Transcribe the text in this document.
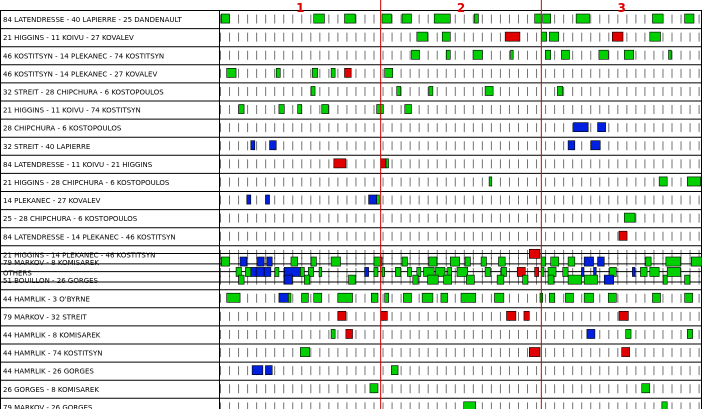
84 LATENDRESSE - 40 LAPIERRE - 25 DANDENAULT
21 HIGGINS - 11 KOIVU - 27 KOVALEV
46 KOSTITSYN - 14 PLEKANEC - 74 KOSTITSYN
46 KOSTITSYN - 14 PLEKANEC - 27 KOVALEV
32 STREIT - 28 CHIPCHURA - 6 KOSTOPOULOS
21 HIGGINS - 11 KOIVU - 74 KOSTITSYN
28 CHIPCHURA - 6 KOSTOPOULOS
32 STREIT - 40 LAPIERRE
84 LATENDRESSE - 11 KOIVU - 21 HIGGINS
21 HIGGINS - 28 CHIPCHURA - 6 KOSTOPOULOS
14 PLEKANEC - 27 KOVALEV
25 - 28 CHIPCHURA - 6 KOSTOPOULOS
84 LATENDRESSE - 14 PLEKANEC - 46 KOSTITSYN
21 HIGGINS - 14 PLEKANEC - 46 KOSTITSYN
OTHERS
79 MARKOV - 8 KOMISAREK
51 BOUILLON - 26 GORGES
44 HAMRLIK - 3 O'BYRNE
79 MARKOV - 32 STREIT
44 HAMRLIK - 8 KOMISAREK
44 HAMRLIK - 74 KOSTITSYN
44 HAMRLIK - 26 GORGES
26 GORGES - 8 KOMISAREK
79 MARKOV - 26 GORGES
1	2	3
